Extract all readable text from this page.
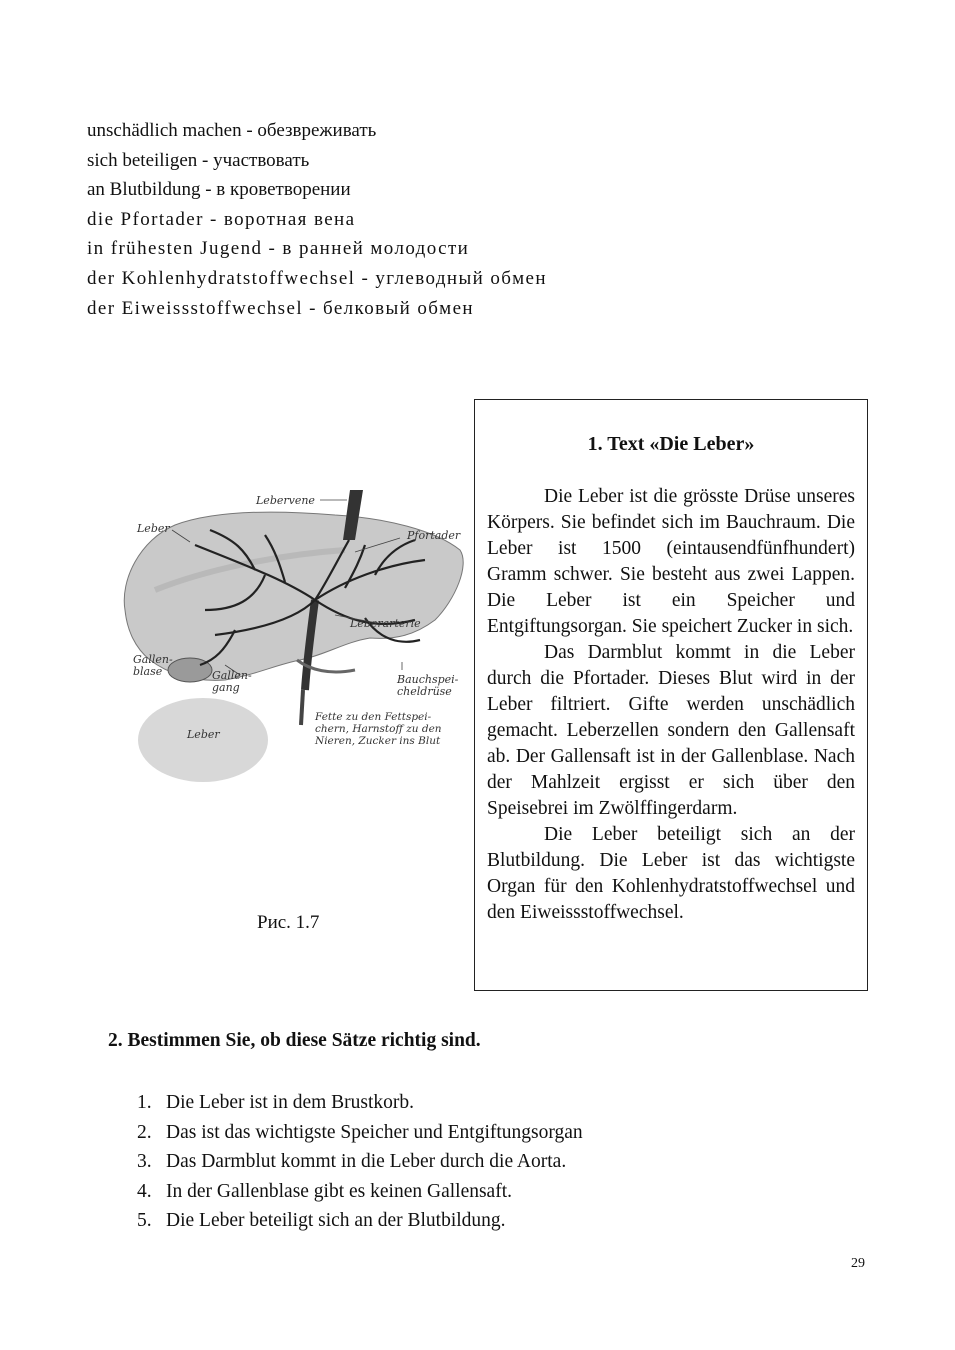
unschädlich machen - обезвреживать
sich beteiligen - участвовать
an Blutbildung - в кроветворении
die Pfortader - воротная вена
in frühesten Jugend - в ранней молодости
der Kohlenhydratstoffwechsel - углеводный обмен
der Eiweissstoffwechsel - белковый обмен
Lebervene
Leber
Pfortader
Leberarterie
Gallen-
blase	Gallen-
gang
Bauchspei-
cheldrüse
Leber
Fette zu den Fettspei-
chern, Harnstoff zu den
Nieren, Zucker ins Blut
Рис. 1.7
1. Text «Die Leber»

Die Leber ist die grösste Drüse unseres Körpers. Sie befindet sich im Bauchraum. Die Leber ist 1500 (eintausendfünfhundert) Gramm schwer. Sie besteht aus zwei Lappen. Die Leber ist ein Speicher und Entgiftungsorgan. Sie speichert Zucker in sich.

Das Darmblut kommt in die Leber durch die Pfortader. Dieses Blut wird in der Leber filtriert. Gifte werden unschädlich gemacht. Leberzellen sondern den Gallensaft ab. Der Gallensaft ist in der Gallenblase. Nach der Mahlzeit ergisst er sich über den Speisebrei im Zwölffingerdarm.

Die Leber beteiligt sich an der Blutbildung. Die Leber ist das wichtigste Organ für den Kohlenhydratstoffwechsel und den Eiweissstoffwechsel.

2. Bestimmen Sie, ob diese Sätze richtig sind.
1. Die Leber ist in dem Brustkorb.
2. Das ist das wichtigste Speicher und Entgiftungsorgan
3. Das Darmblut kommt in die Leber durch die Aorta.
4. In der Gallenblase gibt es keinen Gallensaft.
5. Die Leber beteiligt sich an der Blutbildung.
29
